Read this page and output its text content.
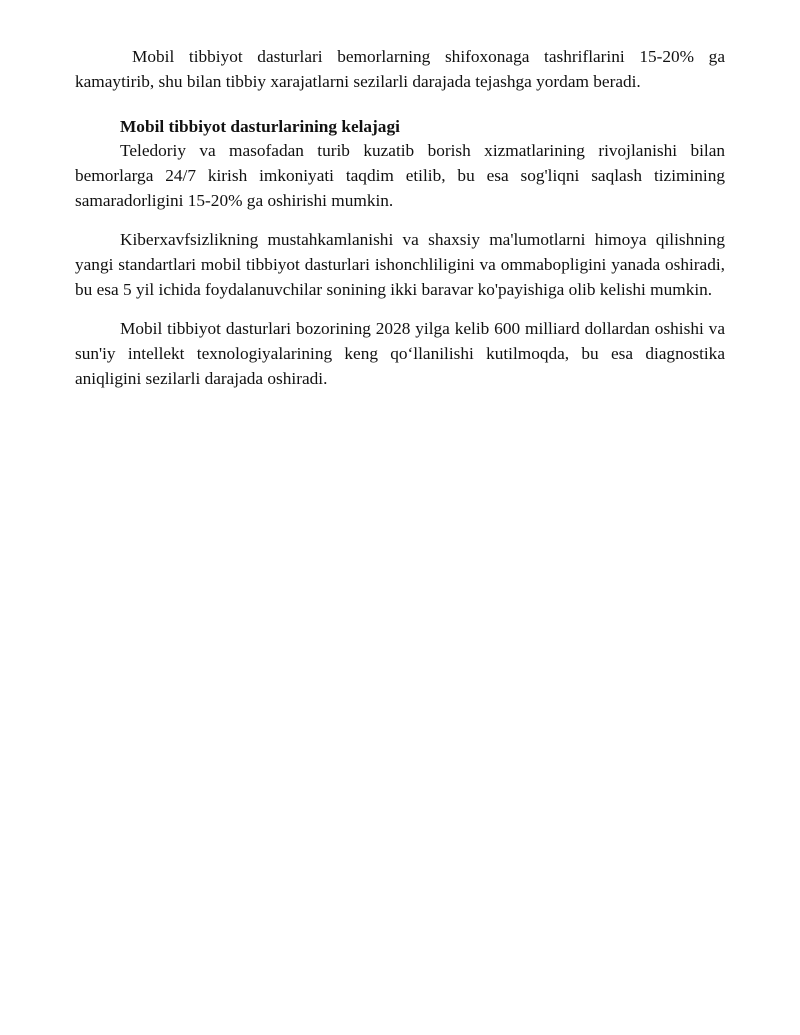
Mobil tibbiyot dasturlari bemorlarning shifoxonaga tashriflarini 15-20% ga kamaytirib, shu bilan tibbiy xarajatlarni sezilarli darajada tejashga yordam beradi.

Mobil tibbiyot dasturlarining kelajagi

Teledoriy va masofadan turib kuzatib borish xizmatlarining rivojlanishi bilan bemorlarga 24/7 kirish imkoniyati taqdim etilib, bu esa sog'liqni saqlash tizimining samaradorligini 15-20% ga oshirishi mumkin.

Kiberxavfsizlikning mustahkamlanishi va shaxsiy ma'lumotlarni himoya qilishning yangi standartlari mobil tibbiyot dasturlari ishonchliligini va ommabopligini yanada oshiradi, bu esa 5 yil ichida foydalanuvchilar sonining ikki baravar ko'payishiga olib kelishi mumkin.

Mobil tibbiyot dasturlari bozorining 2028 yilga kelib 600 milliard dollardan oshishi va sun'iy intellekt texnologiyalarining keng qo‘llanilishi kutilmoqda, bu esa diagnostika aniqligini sezilarli darajada oshiradi.
